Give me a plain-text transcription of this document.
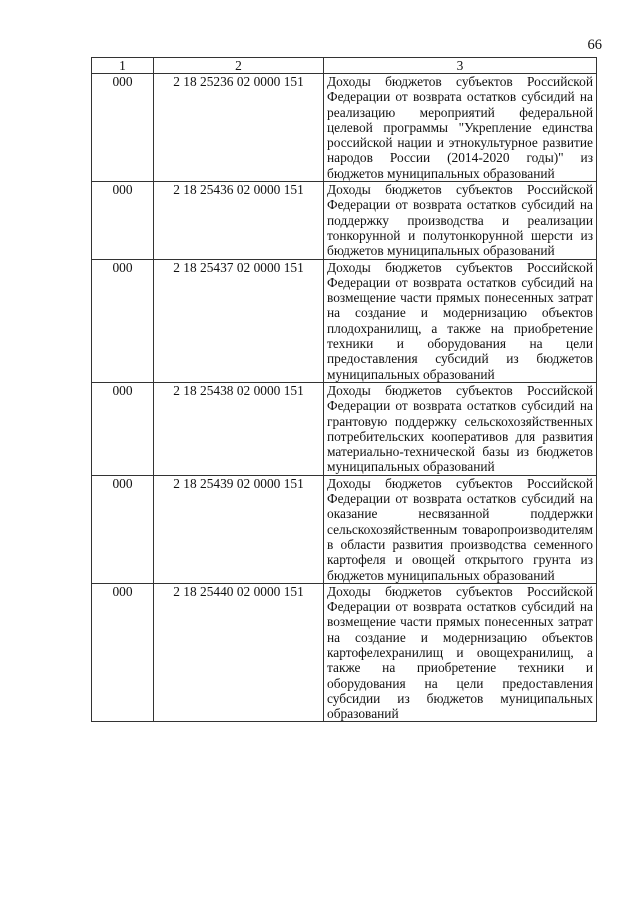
66
1	2	3
000	2 18 25236 02 0000 151	Доходы бюджетов субъектов Российской Федерации от возврата остатков субсидий на реализацию мероприятий федеральной целевой программы "Укрепление единства российской нации и этнокультурное развитие народов России (2014-2020 годы)" из бюджетов муниципальных образований
000	2 18 25436 02 0000 151	Доходы бюджетов субъектов Российской Федерации от возврата остатков субсидий на поддержку производства и реализации тонкорунной и полутонкорунной шерсти из бюджетов муниципальных образований
000	2 18 25437 02 0000 151	Доходы бюджетов субъектов Российской Федерации от возврата остатков субсидий на возмещение части прямых понесенных затрат на создание и модернизацию объектов плодохранилищ, а также на приобретение техники и оборудования на цели предоставления субсидий из бюджетов муниципальных образований
000	2 18 25438 02 0000 151	Доходы бюджетов субъектов Российской Федерации от возврата остатков субсидий на грантовую поддержку сельскохозяйственных потребительских кооперативов для развития материально-технической базы из бюджетов муниципальных образований
000	2 18 25439 02 0000 151	Доходы бюджетов субъектов Российской Федерации от возврата остатков субсидий на оказание несвязанной поддержки сельскохозяйственным товаропроизводителям в области развития производства семенного картофеля и овощей открытого грунта из бюджетов муниципальных образований
000	2 18 25440 02 0000 151	Доходы бюджетов субъектов Российской Федерации от возврата остатков субсидий на возмещение части прямых понесенных затрат на создание и модернизацию объектов картофелехранилищ и овощехранилищ, а также на приобретение техники и оборудования на цели предоставления субсидии из бюджетов муниципальных образований
